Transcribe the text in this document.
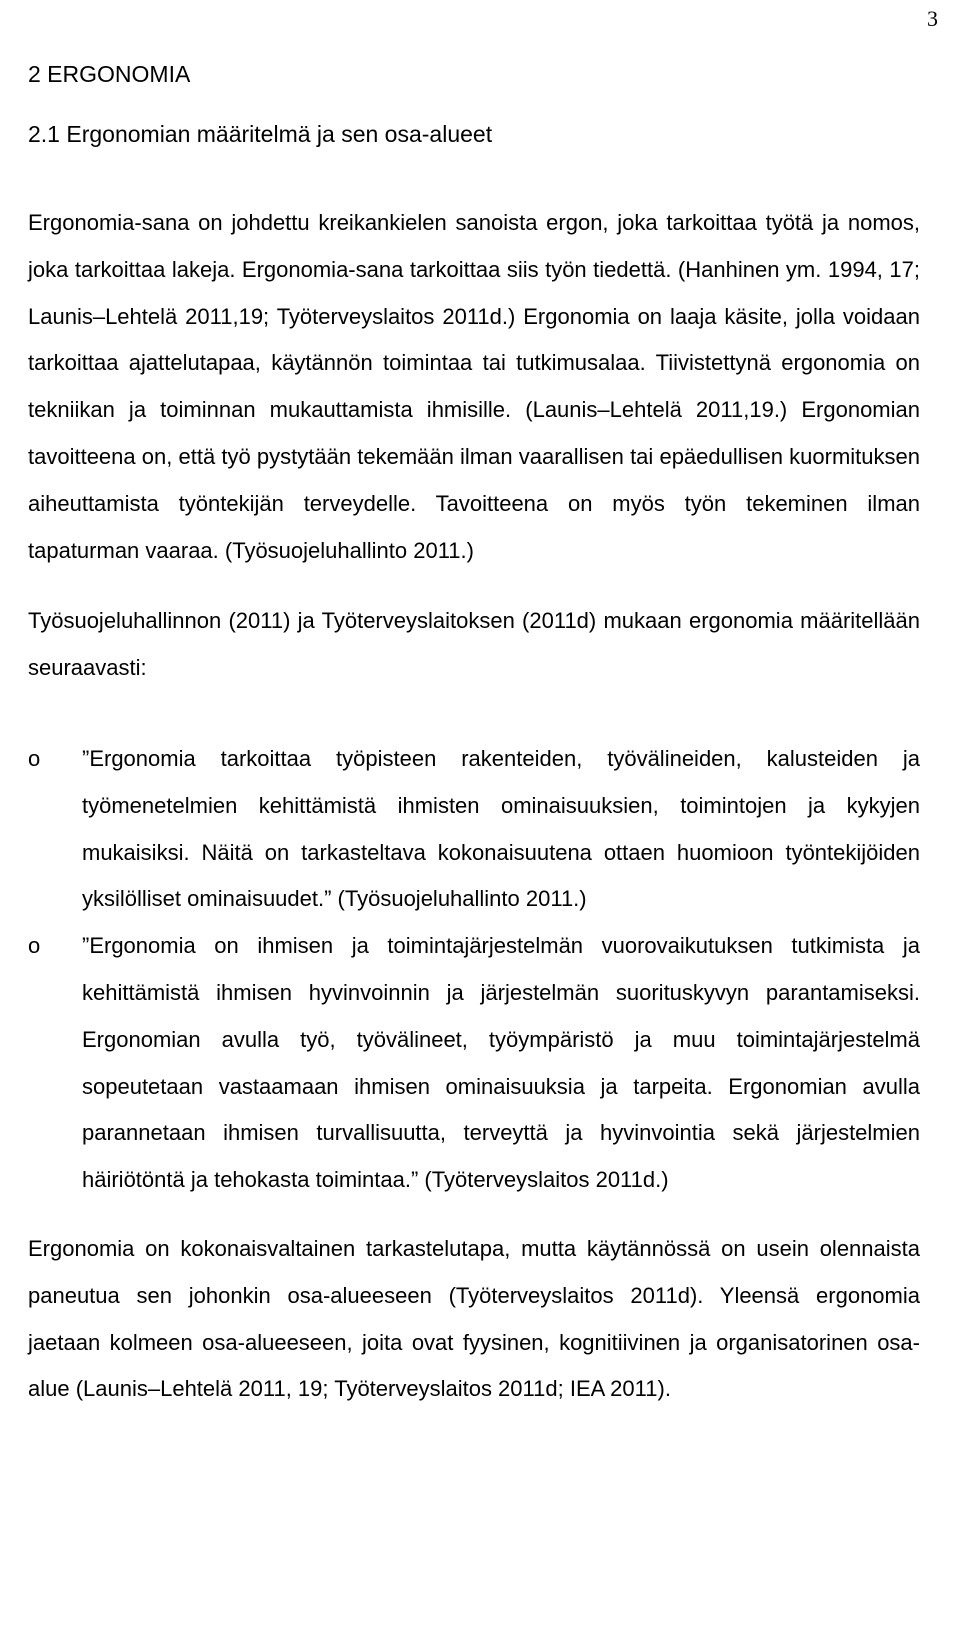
3
2 ERGONOMIA
2.1 Ergonomian määritelmä ja sen osa-alueet

Ergonomia-sana on johdettu kreikankielen sanoista ergon, joka tarkoittaa työtä ja nomos, joka tarkoittaa lakeja. Ergonomia-sana tarkoittaa siis työn tiedettä. (Hanhinen ym. 1994, 17; Launis–Lehtelä 2011,19; Työterveyslaitos 2011d.) Ergonomia on laaja käsite, jolla voidaan tarkoittaa ajattelutapaa, käytännön toimintaa tai tutkimusalaa. Tiivistettynä ergonomia on tekniikan ja toiminnan mukauttamista ihmisille. (Launis–Lehtelä 2011,19.) Ergonomian tavoitteena on, että työ pystytään tekemään ilman vaarallisen tai epäedullisen kuormituksen aiheuttamista työntekijän terveydelle. Tavoitteena on myös työn tekeminen ilman tapaturman vaaraa. (Työsuojeluhallinto 2011.)

Työsuojeluhallinnon (2011) ja Työterveyslaitoksen (2011d) mukaan ergonomia määritellään seuraavasti:

o ”Ergonomia tarkoittaa työpisteen rakenteiden, työvälineiden, kalusteiden ja työmenetelmien kehittämistä ihmisten ominaisuuksien, toimintojen ja kykyjen mukaisiksi. Näitä on tarkasteltava kokonaisuutena ottaen huomioon työntekijöiden yksilölliset ominaisuudet.” (Työsuojeluhallinto 2011.)

o ”Ergonomia on ihmisen ja toimintajärjestelmän vuorovaikutuksen tutkimista ja kehittämistä ihmisen hyvinvoinnin ja järjestelmän suorituskyvyn parantamiseksi. Ergonomian avulla työ, työvälineet, työympäristö ja muu toimintajärjestelmä sopeutetaan vastaamaan ihmisen ominaisuuksia ja tarpeita. Ergonomian avulla parannetaan ihmisen turvallisuutta, terveyttä ja hyvinvointia sekä järjestelmien häiriötöntä ja tehokasta toimintaa.” (Työterveyslaitos 2011d.)

Ergonomia on kokonaisvaltainen tarkastelutapa, mutta käytännössä on usein olennaista paneutua sen johonkin osa-alueeseen (Työterveyslaitos 2011d). Yleensä ergonomia jaetaan kolmeen osa-alueeseen, joita ovat fyysinen, kognitiivinen ja organisatorinen osa-alue (Launis–Lehtelä 2011, 19; Työterveyslaitos 2011d; IEA 2011).
